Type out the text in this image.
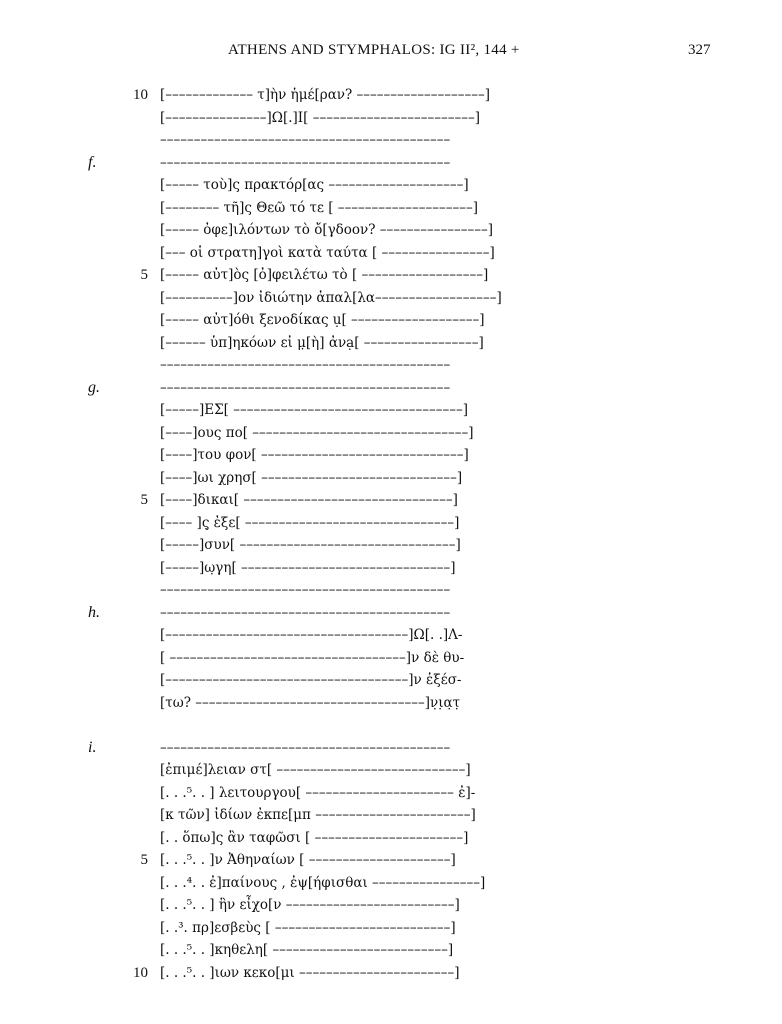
ATHENS AND STYMPHALOS: IG II², 144 +	327
10 [––––––––––––– τ]ὴν ἡμέ[ραν? –––––––––––––––––––]
[–––––––––––––––]Ω[.]Ι[ ––––––––––––––––––––––––]
–––––––––––––––––––––––––––––––––––––––––––
f.	–––––––––––––––––––––––––––––––––––––––––––
[––––– τοὺ]ς πρακτόρ[ας ––––––––––––––––––––]
[–––––––– τῆ]ς Θεῶ τό τε [ ––––––––––––––––––––]
[––––– ὀφε]ιλόντων τὸ ὄ[γδοον? ––––––––––––––––]
[––– οἱ στρατη]γοὶ κατὰ ταύτα [ ––––––––––––––––]
5 [––––– αὐτ]ὸς [ὀ]φειλέτω τὸ [ ––––––––––––––––––]
[––––––––––]ον ἰδιώτην ἀπαλ[λα––––––––––––––––––]
[––––– αὐτ]όθι ξενοδίκας ụ[ –––––––––––––––––––]
[–––––– ὑπ]ηκόων εἰ μ̣[ὴ] ἀνạ[ –––––––––––––––––]
–––––––––––––––––––––––––––––––––––––––––––
g.	–––––––––––––––––––––––––––––––––––––––––––
[–––––]ΕΣ[ ––––––––––––––––––––––––––––––––––]
[––––]ους πο[ ––––––––––––––––––––––––––––––––]
[––––]του φον[ ––––––––––––––––––––––––––––––]
[––––]ωι χρησ[ –––––––––––––––––––––––––––––]
5 [––––]δικαι[ –––––––––––––––––––––––––––––––]
[–––– ]ς̣ ἐξε[ –––––––––––––––––––––––––––––––]
[–––––]συν[ ––––––––––––––––––––––––––––––––]
[–––––]ω̣γη[ –––––––––––––––––––––––––––––––]
–––––––––––––––––––––––––––––––––––––––––––
h.	–––––––––––––––––––––––––––––––––––––––––––
[––––––––––––––––––––––––––––––––––––]Ω[. .]Λ-
[ –––––––––––––––––––––––––––––––––––]ν δὲ θυ-
[––––––––––––––––––––––––––––––––––––]ν ἐξέσ-
[τω? ––––––––––––––––––––––––––––––––––]ν̣ι̣α̣τ̣
i.	–––––––––––––––––––––––––––––––––––––––––––
[ἐπιμέ]λειαν στ[ ––––––––––––––––––––––––––––]
[. . .⁵. . ] λειτουργου[ –––––––––––––––––––––– ἐ]-
[κ τῶν] ἰδίων ἐκπε[μπ –––––––––––––––––––––––]
[. . ὅπω]ς ἂν ταφῶσι [ ––––––––––––––––––––––]
5 [. . .⁵. . ]ν Ἀθηναίων [ –––––––––––––––––––––]
[. . .⁴. . ἐ]παίνους , ἐψ[ήφισθαι ––––––––––––––––]
[. . .⁵. . ] ἣν εἶχο[ν –––––––––––––––––––––––––]
[. .³. πρ]εσβεὺς [ ––––––––––––––––––––––––––]
[. . .⁵. . ]κηθελη[ ––––––––––––––––––––––––––]
10 [. . .⁵. . ]ιων κεκο[μι –––––––––––––––––––––––]
